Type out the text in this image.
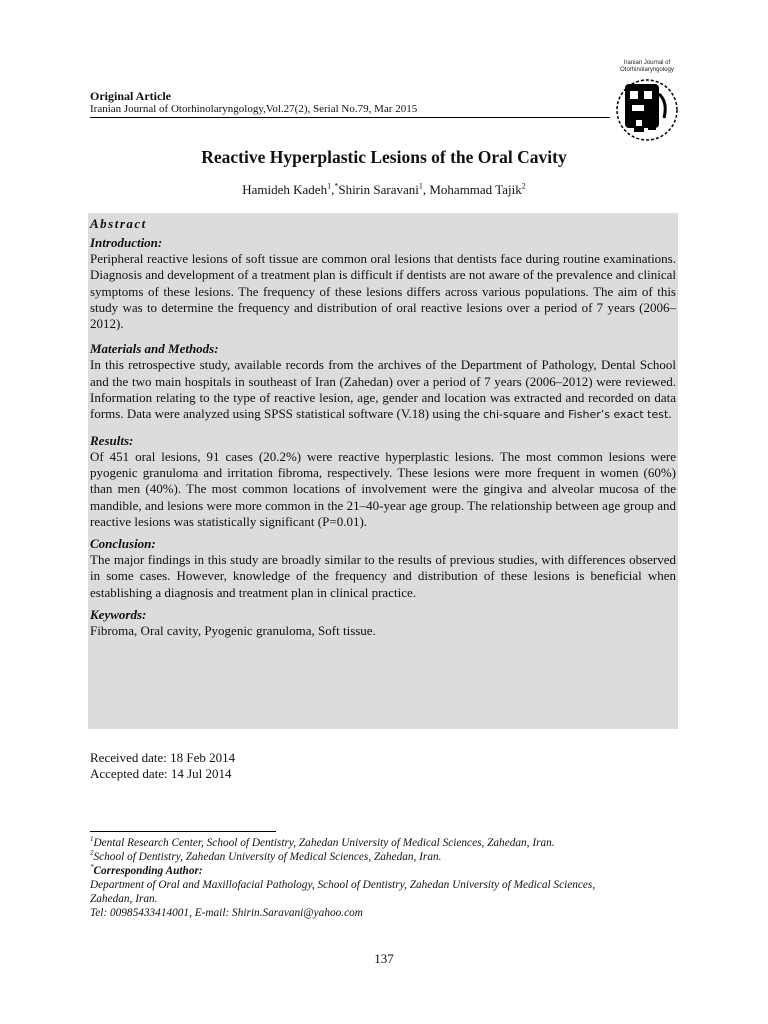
Original Article
Iranian Journal of Otorhinolaryngology,Vol.27(2), Serial No.79, Mar 2015
Iranian Journal of
Otorhinolaryngology
Reactive Hyperplastic Lesions of the Oral Cavity
Hamideh Kadeh$^1$,*Shirin Saravani$^1$, Mohammad Tajik$^2$
Abstract
Introduction:
Peripheral reactive lesions of soft tissue are common oral lesions that dentists face during routine examinations. Diagnosis and development of a treatment plan is difficult if dentists are not aware of the prevalence and clinical symptoms of these lesions. The frequency of these lesions differs across various populations. The aim of this study was to determine the frequency and distribution of oral reactive lesions over a period of 7 years (2006–2012).
Materials and Methods:
In this retrospective study, available records from the archives of the Department of Pathology, Dental School and the two main hospitals in southeast of Iran (Zahedan) over a period of 7 years (2006–2012) were reviewed. Information relating to the type of reactive lesion, age, gender and location was extracted and recorded on data forms. Data were analyzed using SPSS statistical software (V.18) using the chi-square and Fisher’s exact test.
Results:
Of 451 oral lesions, 91 cases (20.2%) were reactive hyperplastic lesions. The most common lesions were pyogenic granuloma and irritation fibroma, respectively. These lesions were more frequent in women (60%) than men (40%). The most common locations of involvement were the gingiva and alveolar mucosa of the mandible, and lesions were more common in the 21–40-year age group. The relationship between age group and reactive lesions was statistically significant (P=0.01).
Conclusion:
The major findings in this study are broadly similar to the results of previous studies, with differences observed in some cases. However, knowledge of the frequency and distribution of these lesions is beneficial when establishing a diagnosis and treatment plan in clinical practice.
Keywords:
Fibroma, Oral cavity, Pyogenic granuloma, Soft tissue.
Received date: 18 Feb 2014
Accepted date: 14 Jul 2014
$^1$Dental Research Center, School of Dentistry, Zahedan University of Medical Sciences, Zahedan, Iran.
$^2$School of Dentistry, Zahedan University of Medical Sciences, Zahedan, Iran.
*Corresponding Author:
Department of Oral and Maxillofacial Pathology, School of Dentistry, Zahedan University of Medical Sciences,
Zahedan, Iran.
Tel: 00985433414001, E-mail: Shirin.Saravani@yahoo.com
137
